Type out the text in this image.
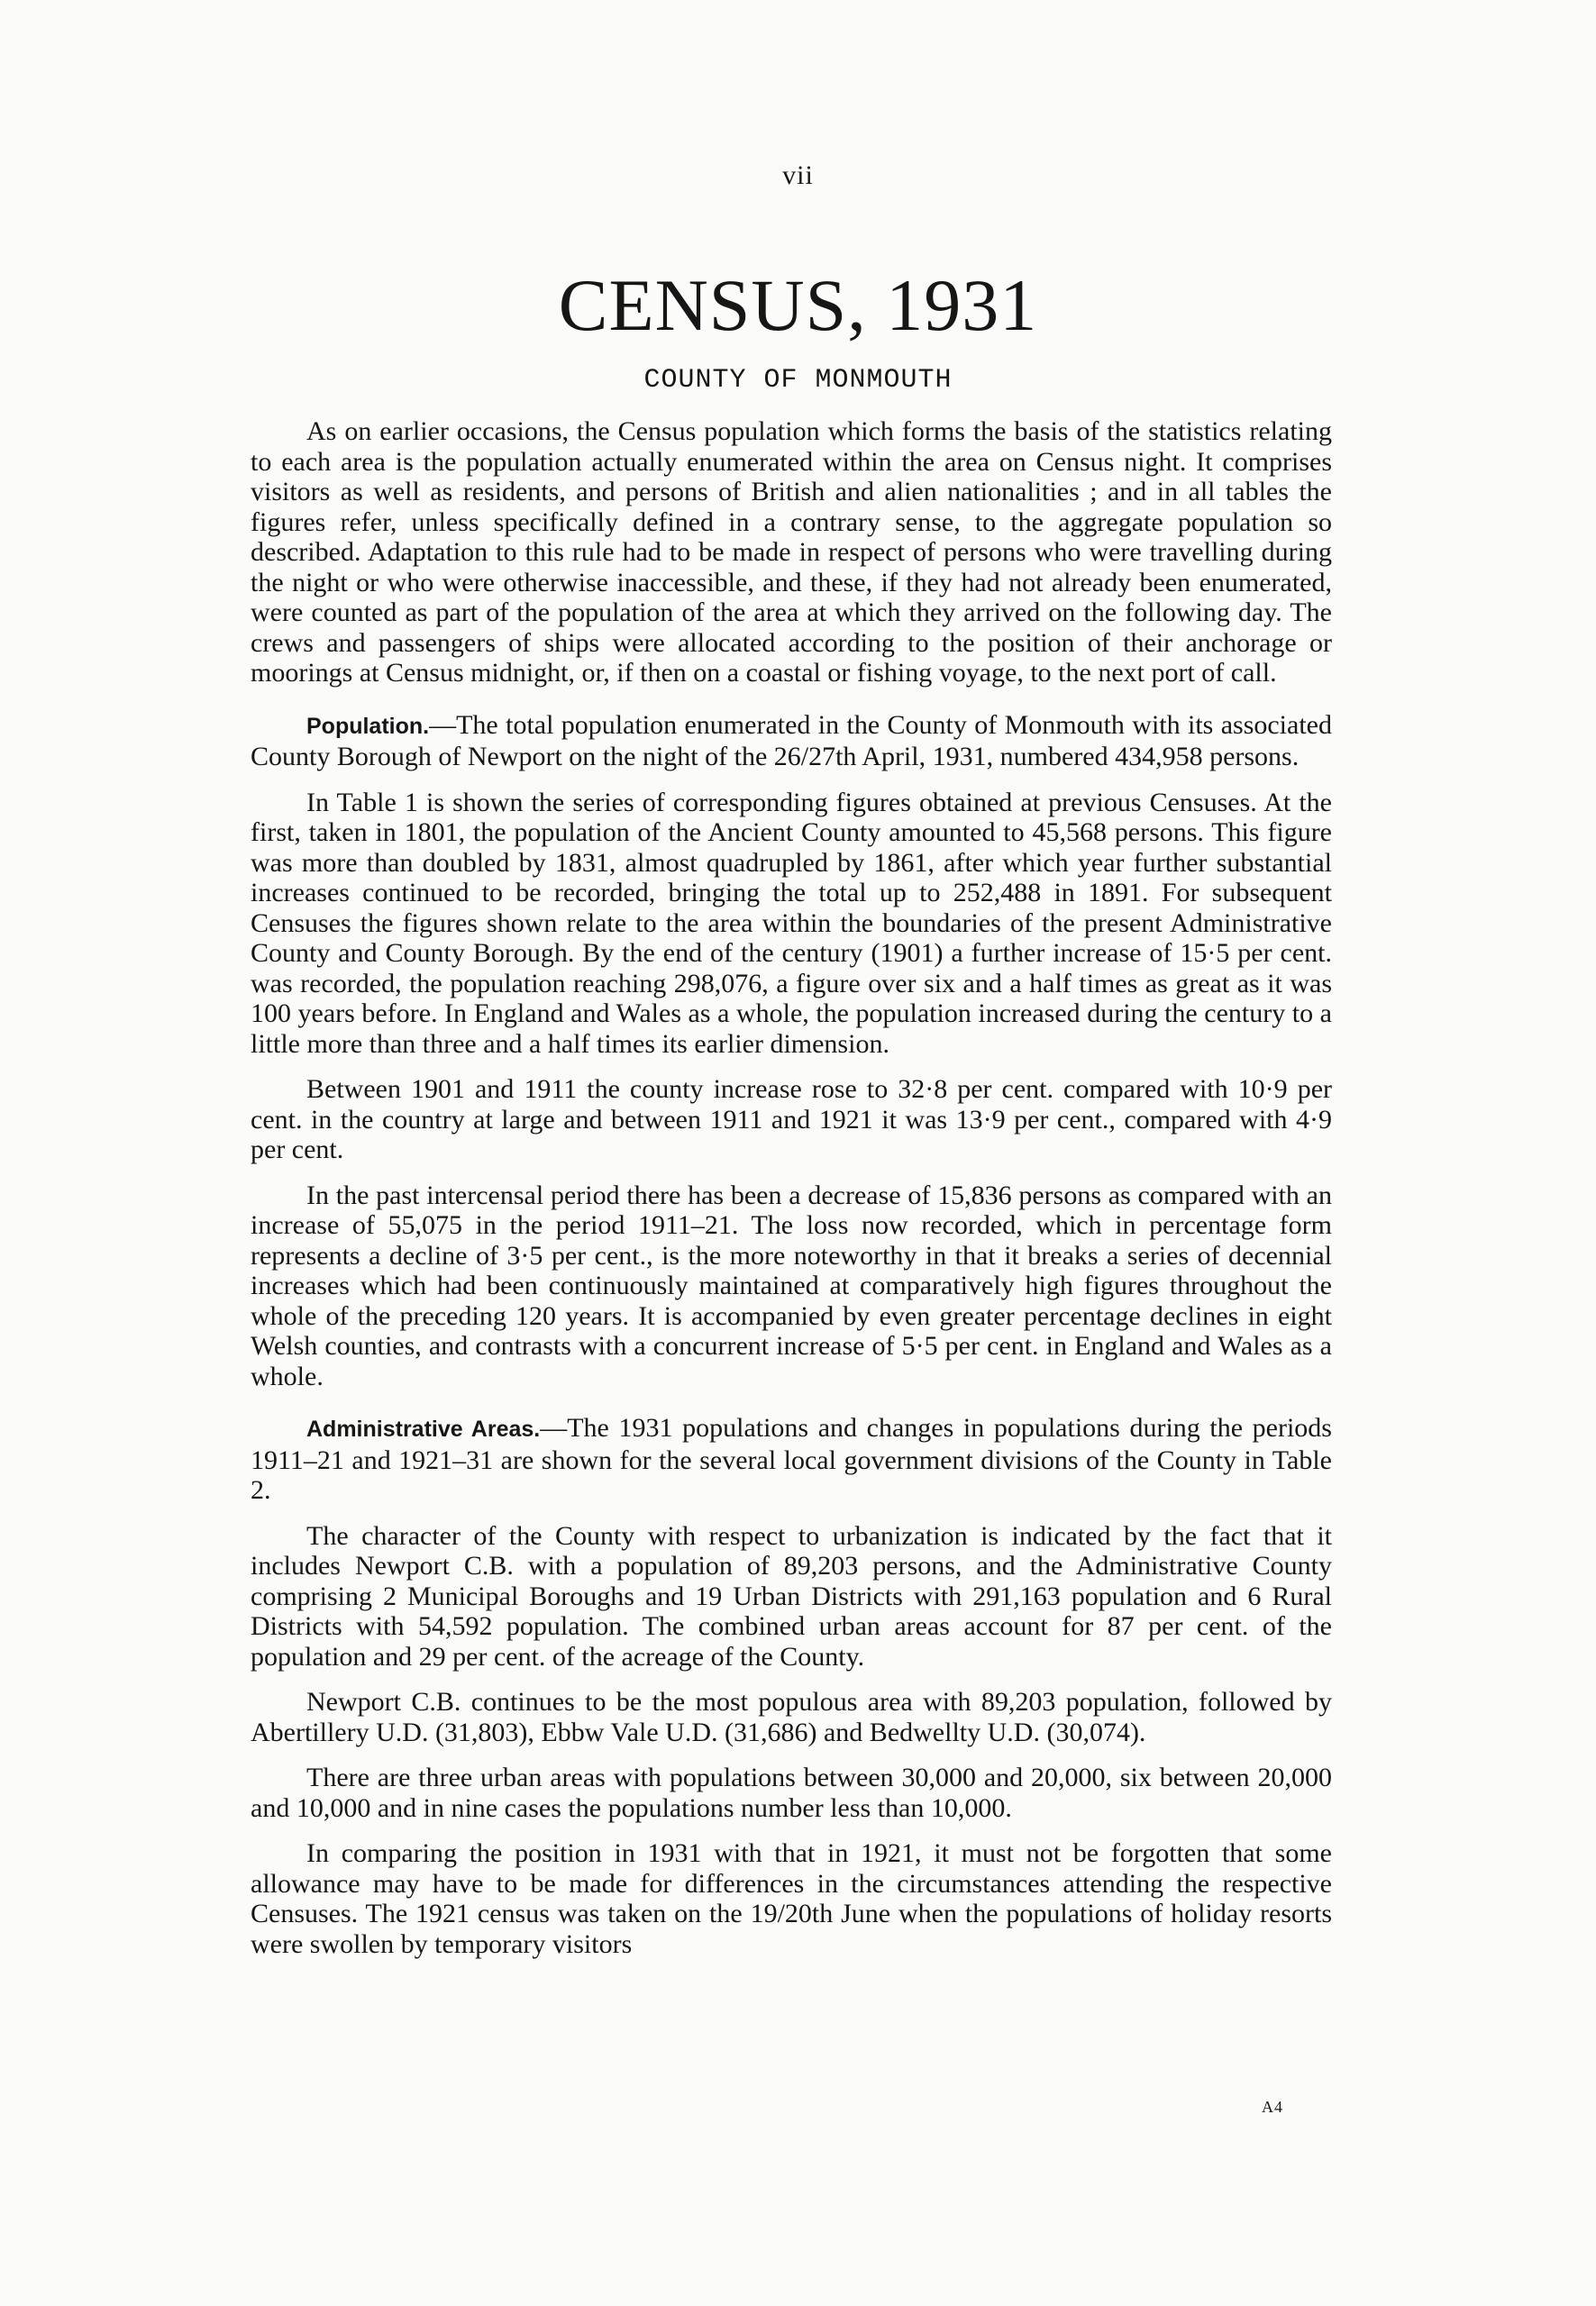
vii
CENSUS, 1931
COUNTY OF MONMOUTH

As on earlier occasions, the Census population which forms the basis of the statistics relating to each area is the population actually enumerated within the area on Census night. It comprises visitors as well as residents, and persons of British and alien nationalities ; and in all tables the figures refer, unless specifically defined in a contrary sense, to the aggregate population so described. Adaptation to this rule had to be made in respect of persons who were travelling during the night or who were otherwise inaccessible, and these, if they had not already been enumerated, were counted as part of the population of the area at which they arrived on the following day. The crews and passengers of ships were allocated according to the position of their anchorage or moorings at Census midnight, or, if then on a coastal or fishing voyage, to the next port of call.

Population.—The total population enumerated in the County of Monmouth with its associated County Borough of Newport on the night of the 26/27th April, 1931, numbered 434,958 persons.

In Table 1 is shown the series of corresponding figures obtained at previous Censuses. At the first, taken in 1801, the population of the Ancient County amounted to 45,568 persons. This figure was more than doubled by 1831, almost quadrupled by 1861, after which year further substantial increases continued to be recorded, bringing the total up to 252,488 in 1891. For subsequent Censuses the figures shown relate to the area within the boundaries of the present Administrative County and County Borough. By the end of the century (1901) a further increase of 15·5 per cent. was recorded, the population reaching 298,076, a figure over six and a half times as great as it was 100 years before. In England and Wales as a whole, the population increased during the century to a little more than three and a half times its earlier dimension.

Between 1901 and 1911 the county increase rose to 32·8 per cent. compared with 10·9 per cent. in the country at large and between 1911 and 1921 it was 13·9 per cent., compared with 4·9 per cent.

In the past intercensal period there has been a decrease of 15,836 persons as compared with an increase of 55,075 in the period 1911–21. The loss now recorded, which in percentage form represents a decline of 3·5 per cent., is the more noteworthy in that it breaks a series of decennial increases which had been continuously maintained at comparatively high figures throughout the whole of the preceding 120 years. It is accompanied by even greater percentage declines in eight Welsh counties, and contrasts with a concurrent increase of 5·5 per cent. in England and Wales as a whole.

Administrative Areas.—The 1931 populations and changes in populations during the periods 1911–21 and 1921–31 are shown for the several local government divisions of the County in Table 2.

The character of the County with respect to urbanization is indicated by the fact that it includes Newport C.B. with a population of 89,203 persons, and the Administrative County comprising 2 Municipal Boroughs and 19 Urban Districts with 291,163 population and 6 Rural Districts with 54,592 population. The combined urban areas account for 87 per cent. of the population and 29 per cent. of the acreage of the County.

Newport C.B. continues to be the most populous area with 89,203 population, followed by Abertillery U.D. (31,803), Ebbw Vale U.D. (31,686) and Bedwellty U.D. (30,074).

There are three urban areas with populations between 30,000 and 20,000, six between 20,000 and 10,000 and in nine cases the populations number less than 10,000.

In comparing the position in 1931 with that in 1921, it must not be forgotten that some allowance may have to be made for differences in the circumstances attending the respective Censuses. The 1921 census was taken on the 19/20th June when the populations of holiday resorts were swollen by temporary visitors

A4
